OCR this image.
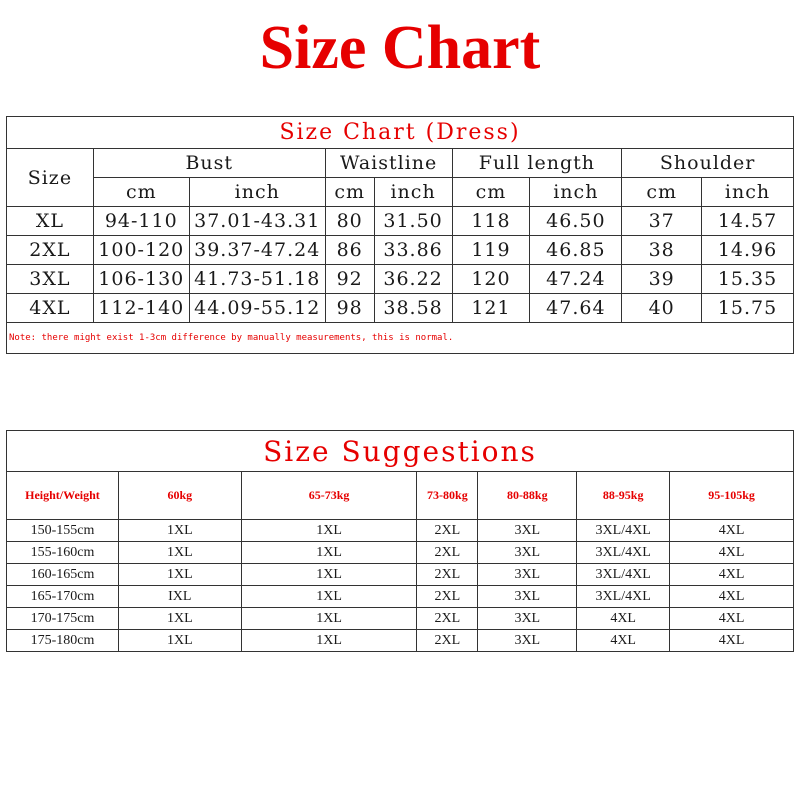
Size Chart
Size Chart (Dress)								
Size	Bust		Waistline		Full length		Shoulder	
	cm	inch	cm	inch	cm	inch	cm	inch
XL	94-110	37.01-43.31	80	31.50	118	46.50	37	14.57
2XL	100-120	39.37-47.24	86	33.86	119	46.85	38	14.96
3XL	106-130	41.73-51.18	92	36.22	120	47.24	39	15.35
4XL	112-140	44.09-55.12	98	38.58	121	47.64	40	15.75
Note: there might exist 1-3cm difference by manually measurements, this is normal.								
Size Suggestions						
Height/Weight	60kg	65-73kg	73-80kg	80-88kg	88-95kg	95-105kg
150-155cm	1XL	1XL	2XL	3XL	3XL/4XL	4XL
155-160cm	1XL	1XL	2XL	3XL	3XL/4XL	4XL
160-165cm	1XL	1XL	2XL	3XL	3XL/4XL	4XL
165-170cm	IXL	1XL	2XL	3XL	3XL/4XL	4XL
170-175cm	1XL	1XL	2XL	3XL	4XL	4XL
175-180cm	1XL	1XL	2XL	3XL	4XL	4XL
